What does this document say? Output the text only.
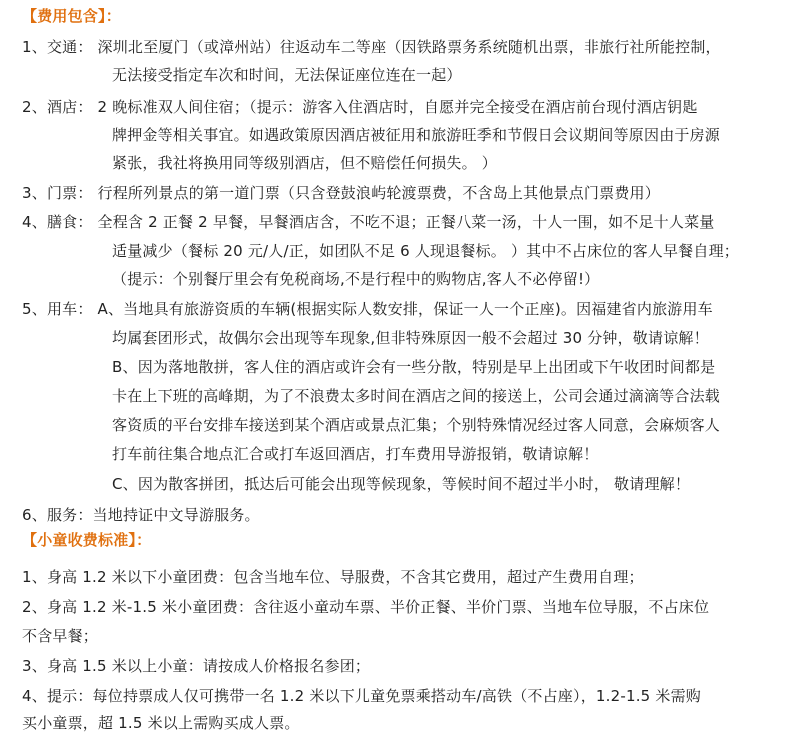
【费用包含】：
1、交通： 深圳北至厦门（或漳州站）往返动车二等座（因铁路票务系统随机出票，非旅行社所能控制，
无法接受指定车次和时间，无法保证座位连在一起）
2、酒店： 2 晚标准双人间住宿；（提示：游客入住酒店时，自愿并完全接受在酒店前台现付酒店钥匙
牌押金等相关事宜。如遇政策原因酒店被征用和旅游旺季和节假日会议期间等原因由于房源
紧张，我社将换用同等级别酒店，但不赔偿任何损失。 ）
3、门票： 行程所列景点的第一道门票（只含登鼓浪屿轮渡票费，不含岛上其他景点门票费用）
4、膳食： 全程含 2 正餐 2 早餐，早餐酒店含，不吃不退；正餐八菜一汤，十人一围，如不足十人菜量
适量减少（餐标 20 元/人/正，如团队不足 6 人现退餐标。 ）其中不占床位的客人早餐自理；
（提示：个别餐厅里会有免税商场,不是行程中的购物店,客人不必停留!）
5、用车： A、当地具有旅游资质的车辆(根据实际人数安排，保证一人一个正座)。因福建省内旅游用车
均属套团形式，故偶尔会出现等车现象,但非特殊原因一般不会超过 30 分钟，敬请谅解！
B、因为落地散拼，客人住的酒店或许会有一些分散，特别是早上出团或下午收团时间都是
卡在上下班的高峰期，为了不浪费太多时间在酒店之间的接送上，公司会通过滴滴等合法载
客资质的平台安排车接送到某个酒店或景点汇集；个别特殊情况经过客人同意，会麻烦客人
打车前往集合地点汇合或打车返回酒店，打车费用导游报销，敬请谅解！
C、因为散客拼团，抵达后可能会出现等候现象，等候时间不超过半小时， 敬请理解！
6、服务：当地持证中文导游服务。
【小童收费标准】：
1、身高 1.2 米以下小童团费：包含当地车位、导服费，不含其它费用，超过产生费用自理；
2、身高 1.2 米-1.5 米小童团费：含往返小童动车票、半价正餐、半价门票、当地车位导服，不占床位
不含早餐；
3、身高 1.5 米以上小童：请按成人价格报名参团；
4、提示：每位持票成人仅可携带一名 1.2 米以下儿童免票乘搭动车/高铁（不占座），1.2-1.5 米需购
买小童票，超 1.5 米以上需购买成人票。
